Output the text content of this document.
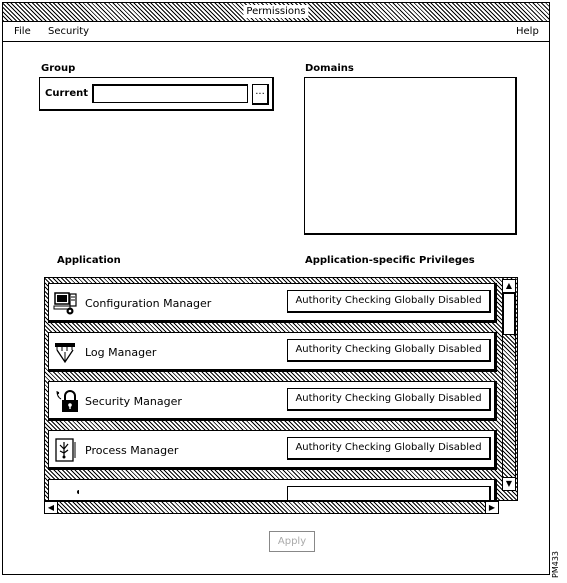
Permissions
File Security	Help
Group
Current	...
Domains
Application	Application-specific Privileges
Configuration Manager	Authority Checking Globally Disabled
Log Manager	Authority Checking Globally Disabled
Security Manager	Authority Checking Globally Disabled
Process Manager	Authority Checking Globally Disabled
▲
▼
◀	▶
Apply
PM433
